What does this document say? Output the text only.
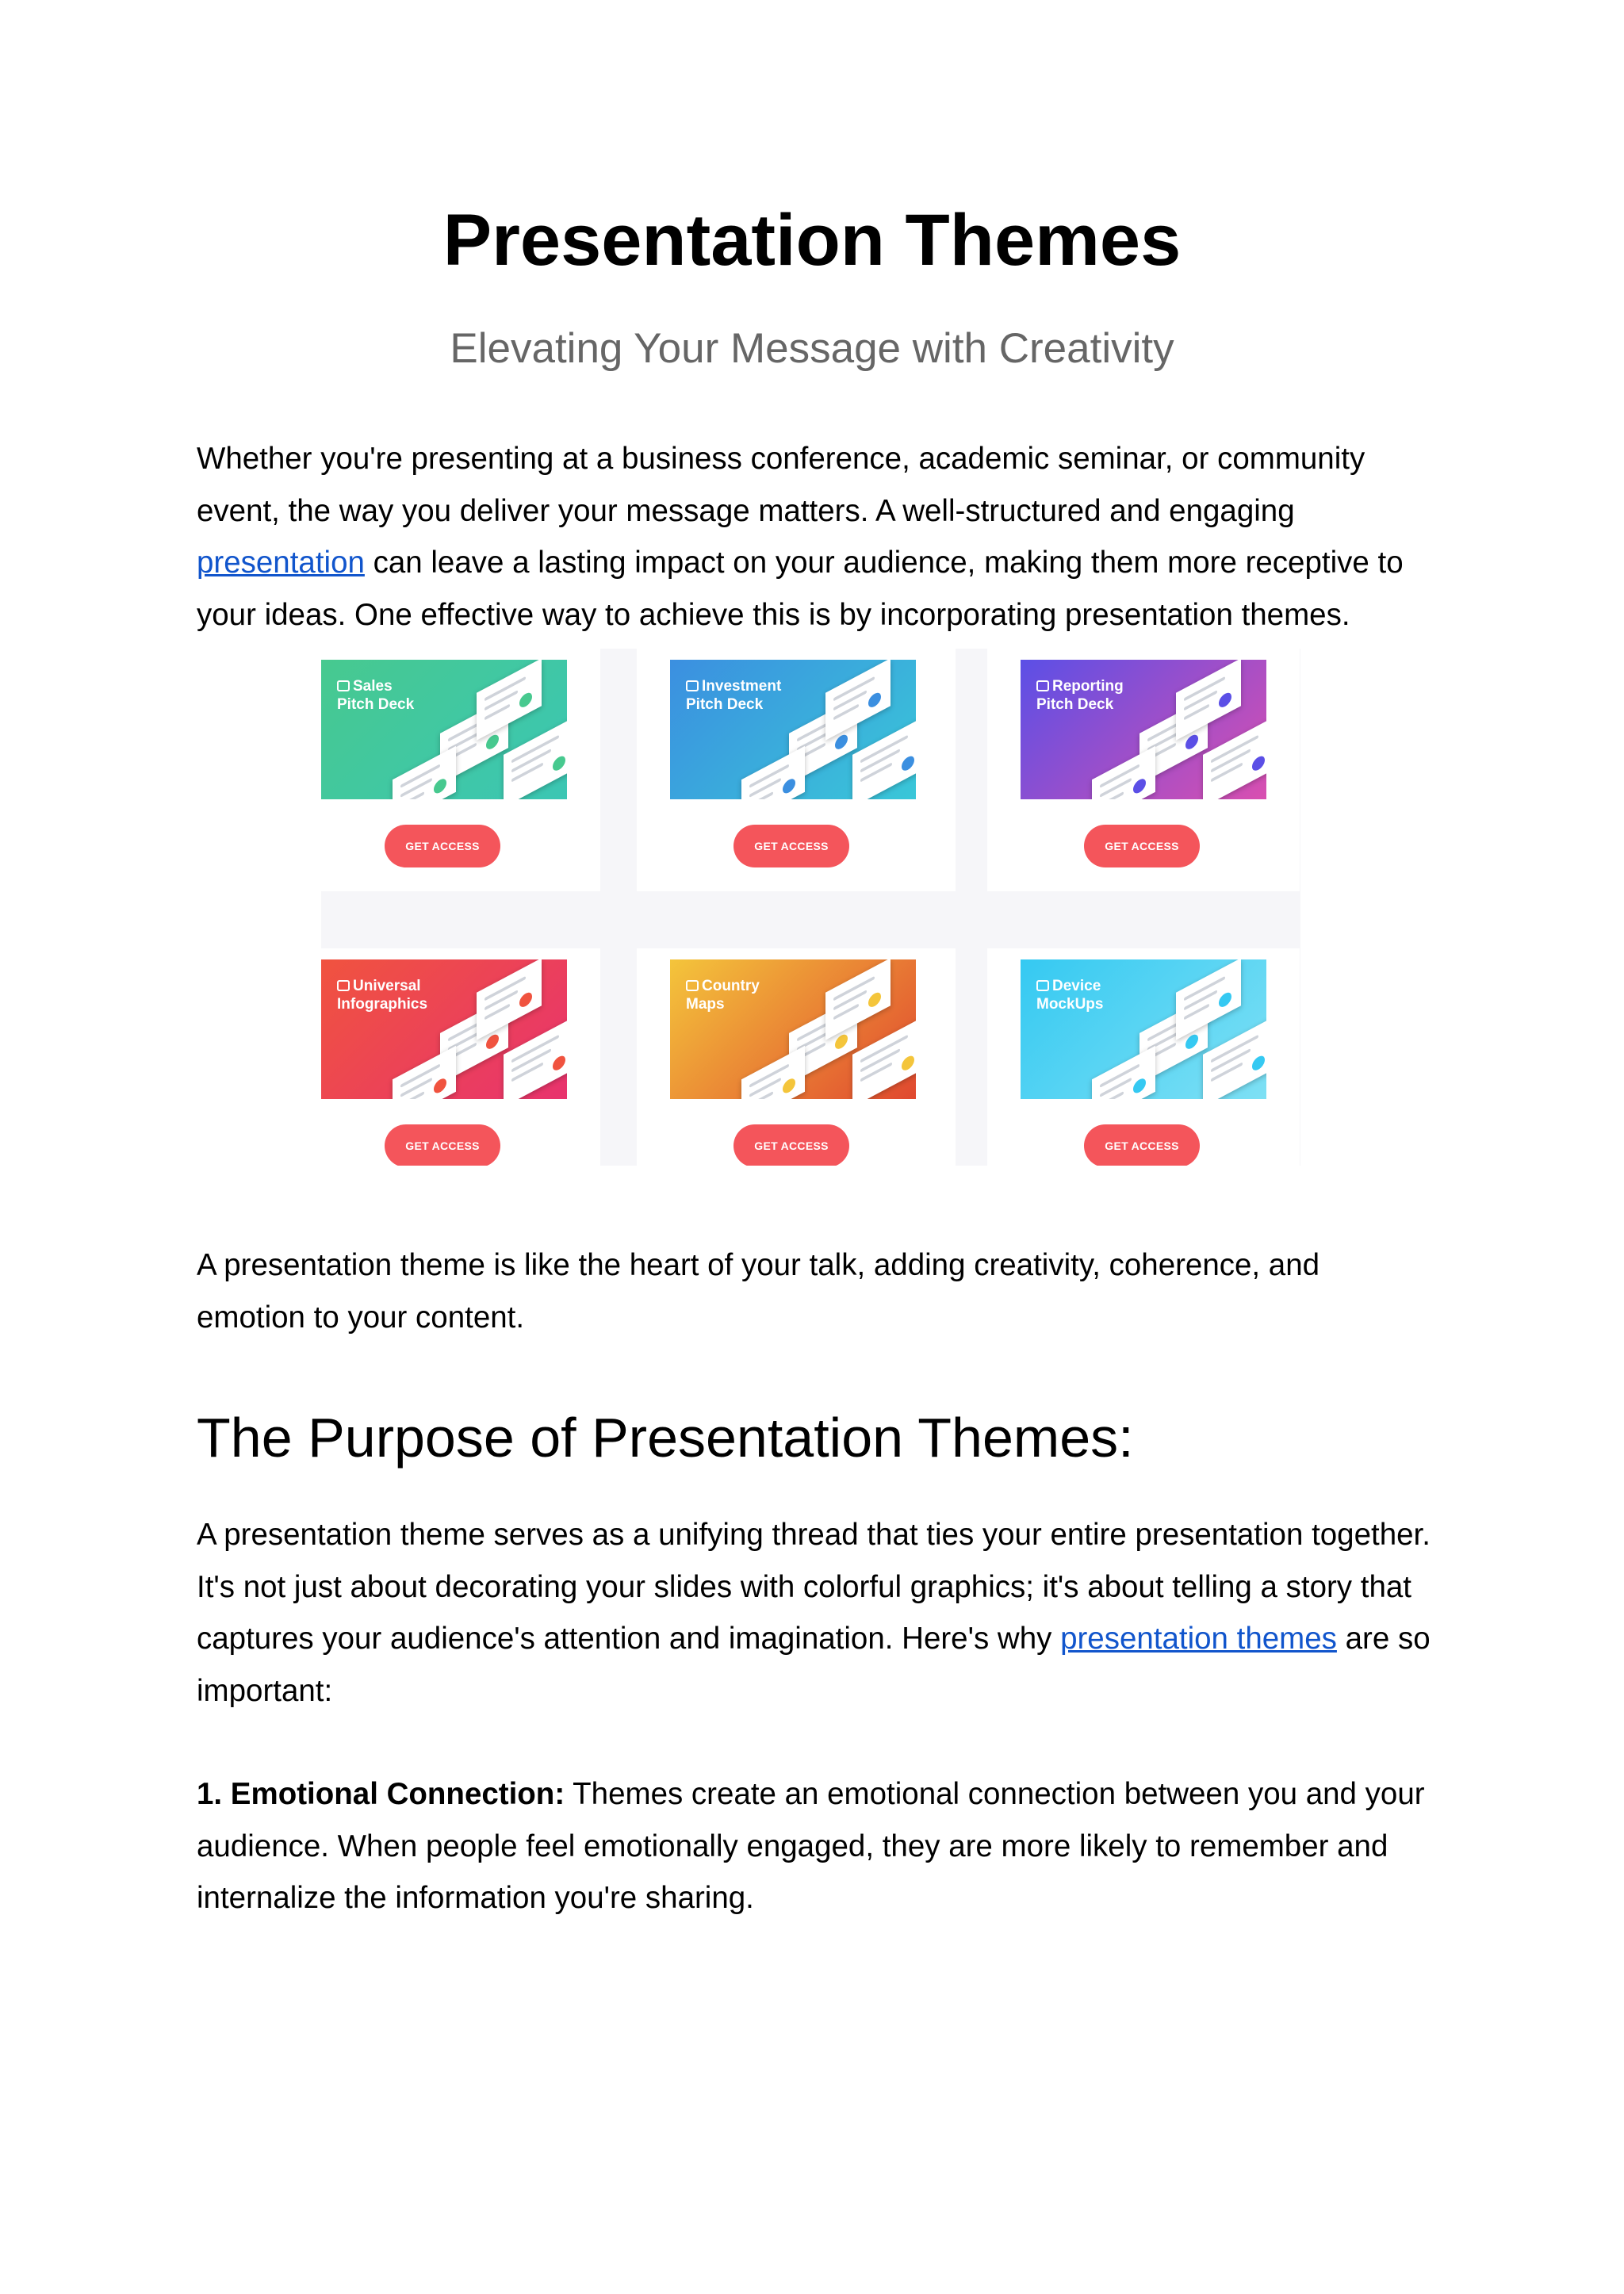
Presentation Themes

Elevating Your Message with Creativity

Whether you're presenting at a business conference, academic seminar, or community event, the way you deliver your message matters. A well-structured and engaging presentation can leave a lasting impact on your audience, making them more receptive to your ideas. One effective way to achieve this is by incorporating presentation themes.

Sales
Pitch Deck
GET ACCESS
Investment
Pitch Deck
GET ACCESS
Reporting
Pitch Deck
GET ACCESS
Universal
Infographics
GET ACCESS
Country
Maps
GET ACCESS
Device
MockUps
GET ACCESS

A presentation theme is like the heart of your talk, adding creativity, coherence, and emotion to your content.

The Purpose of Presentation Themes:

A presentation theme serves as a unifying thread that ties your entire presentation together. It's not just about decorating your slides with colorful graphics; it's about telling a story that captures your audience's attention and imagination. Here's why presentation themes are so important:

1. Emotional Connection: Themes create an emotional connection between you and your audience. When people feel emotionally engaged, they are more likely to remember and internalize the information you're sharing.
